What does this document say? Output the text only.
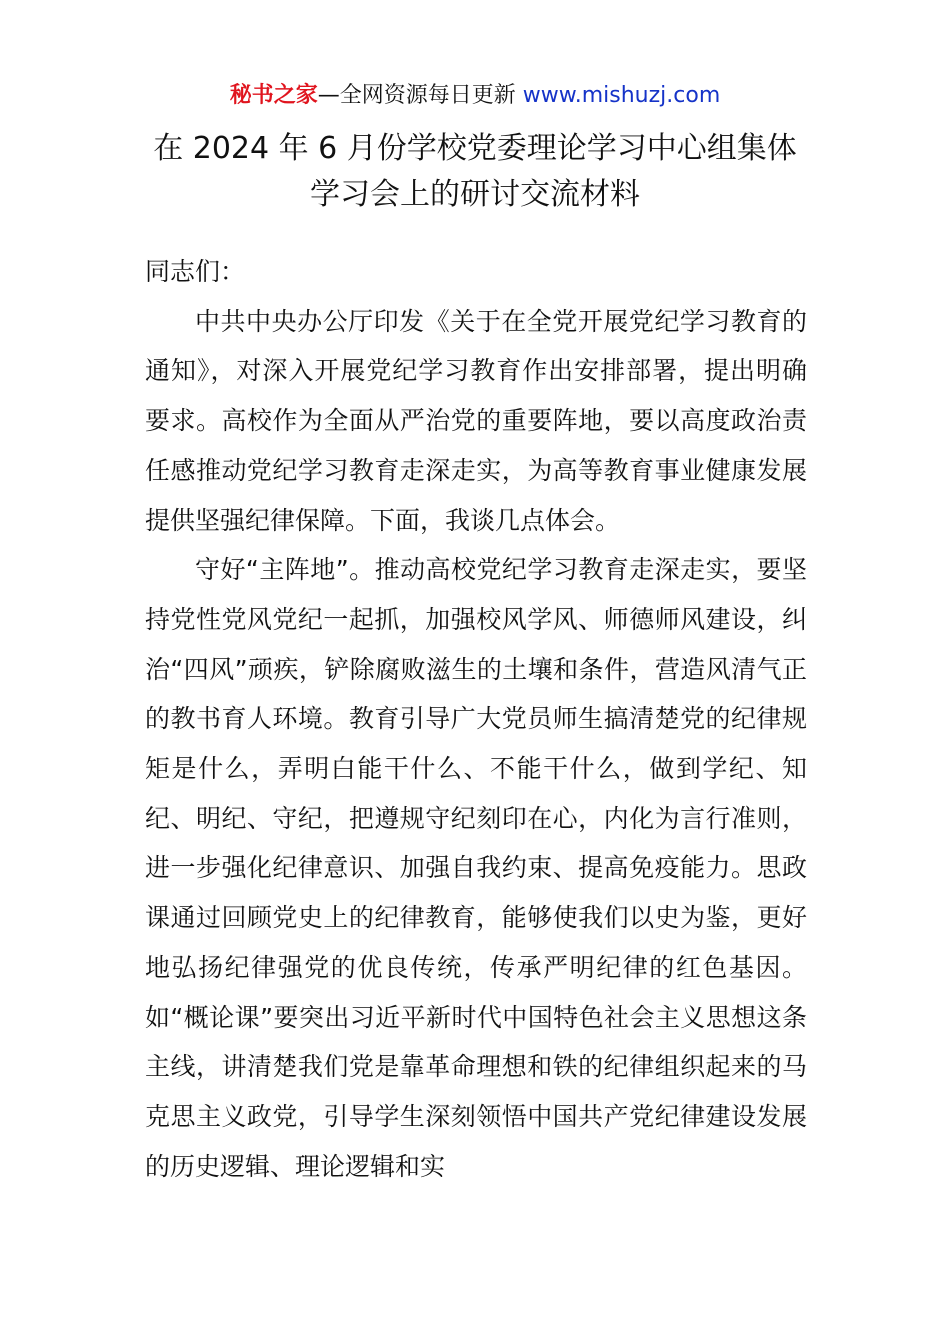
秘书之家—全网资源每日更新 www.mishuzj.com
在 2024 年 6 月份学校党委理论学习中心组集体
学习会上的研讨交流材料

同志们：

中共中央办公厅印发《关于在全党开展党纪学习教育的通知》，对深入开展党纪学习教育作出安排部署，提出明确要求。高校作为全面从严治党的重要阵地，要以高度政治责任感推动党纪学习教育走深走实，为高等教育事业健康发展提供坚强纪律保障。下面，我谈几点体会。

守好“主阵地”。推动高校党纪学习教育走深走实，要坚持党性党风党纪一起抓，加强校风学风、师德师风建设，纠治“四风”顽疾，铲除腐败滋生的土壤和条件，营造风清气正的教书育人环境。教育引导广大党员师生搞清楚党的纪律规矩是什么，弄明白能干什么、不能干什么，做到学纪、知纪、明纪、守纪，把遵规守纪刻印在心，内化为言行准则，进一步强化纪律意识、加强自我约束、提高免疫能力。思政课通过回顾党史上的纪律教育，能够使我们以史为鉴，更好地弘扬纪律强党的优良传统，传承严明纪律的红色基因。如“概论课”要突出习近平新时代中国特色社会主义思想这条主线，讲清楚我们党是靠革命理想和铁的纪律组织起来的马克思主义政党，引导学生深刻领悟中国共产党纪律建设发展的历史逻辑、理论逻辑和实
